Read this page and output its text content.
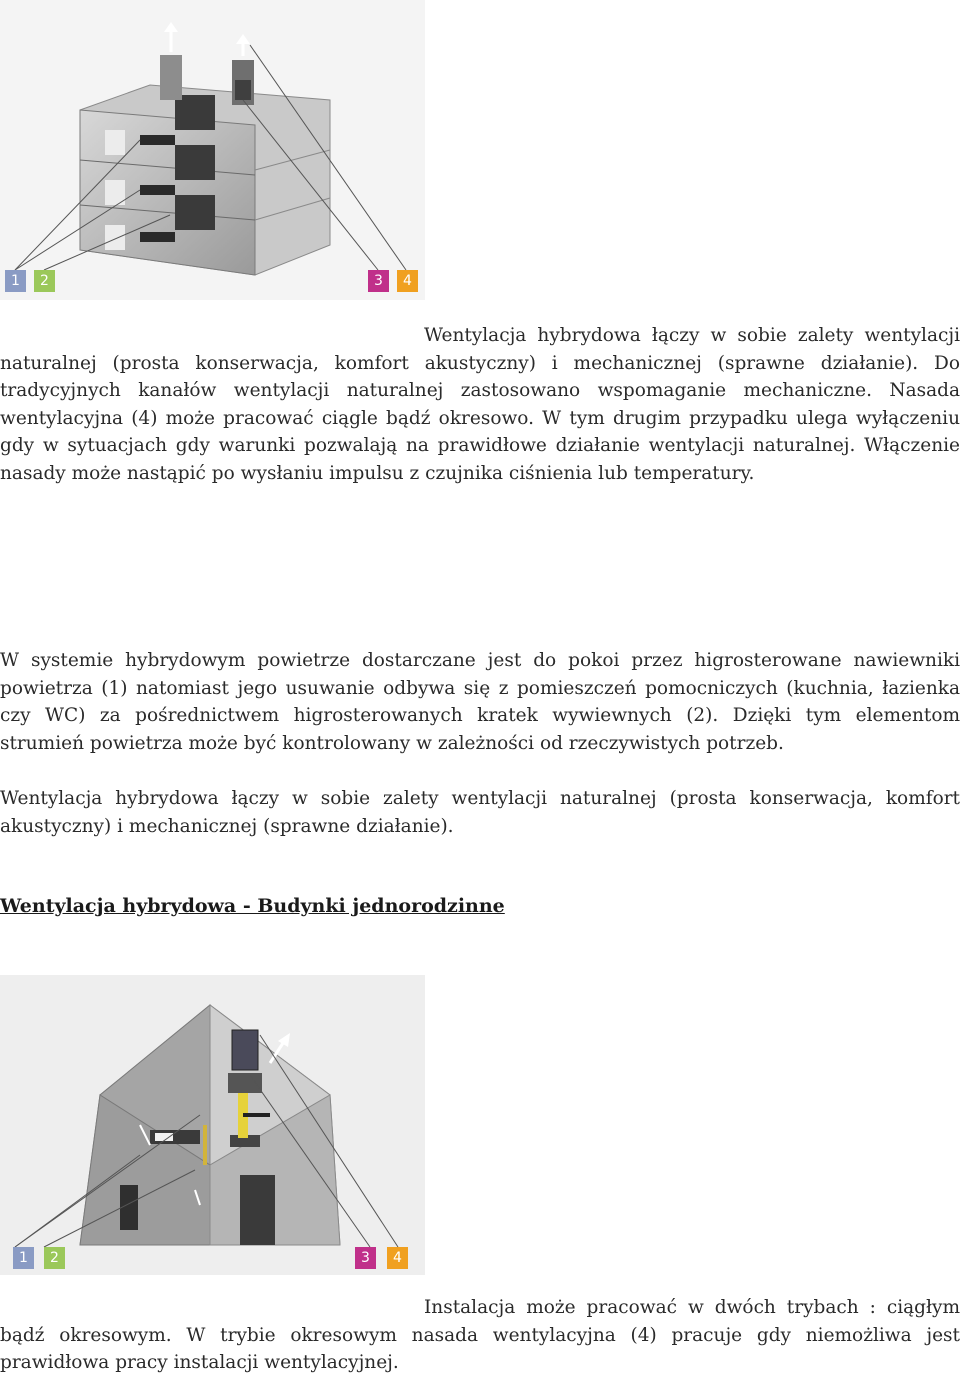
1	2	3	4
Wentylacja hybrydowa łączy w sobie zalety wentylacji naturalnej (prosta konserwacja, komfort akustyczny) i mechanicznej (sprawne działanie). Do tradycyjnych kanałów wentylacji naturalnej zastosowano wspomaganie mechaniczne. Nasada wentylacyjna (4) może pracować ciągle bądź okresowo. W tym drugim przypadku ulega wyłączeniu gdy w sytuacjach gdy warunki pozwalają na prawidłowe działanie wentylacji naturalnej. Włączenie nasady może nastąpić po wysłaniu impulsu z czujnika ciśnienia lub temperatury.
W systemie hybrydowym powietrze dostarczane jest do pokoi przez higrosterowane nawiewniki powietrza (1) natomiast jego usuwanie odbywa się z pomieszczeń pomocniczych (kuchnia, łazienka czy WC) za pośrednictwem higrosterowanych kratek wywiewnych (2). Dzięki tym elementom strumień powietrza może być kontrolowany w zależności od rzeczywistych potrzeb.
Wentylacja hybrydowa łączy w sobie zalety wentylacji naturalnej (prosta konserwacja, komfort akustyczny) i mechanicznej (sprawne działanie).
Wentylacja hybrydowa - Budynki jednorodzinne
1	2	3	4
Instalacja może pracować w dwóch trybach : ciągłym bądź okresowym. W trybie okresowym nasada wentylacyjna (4) pracuje gdy niemożliwa jest prawidłowa pracy instalacji wentylacyjnej.
